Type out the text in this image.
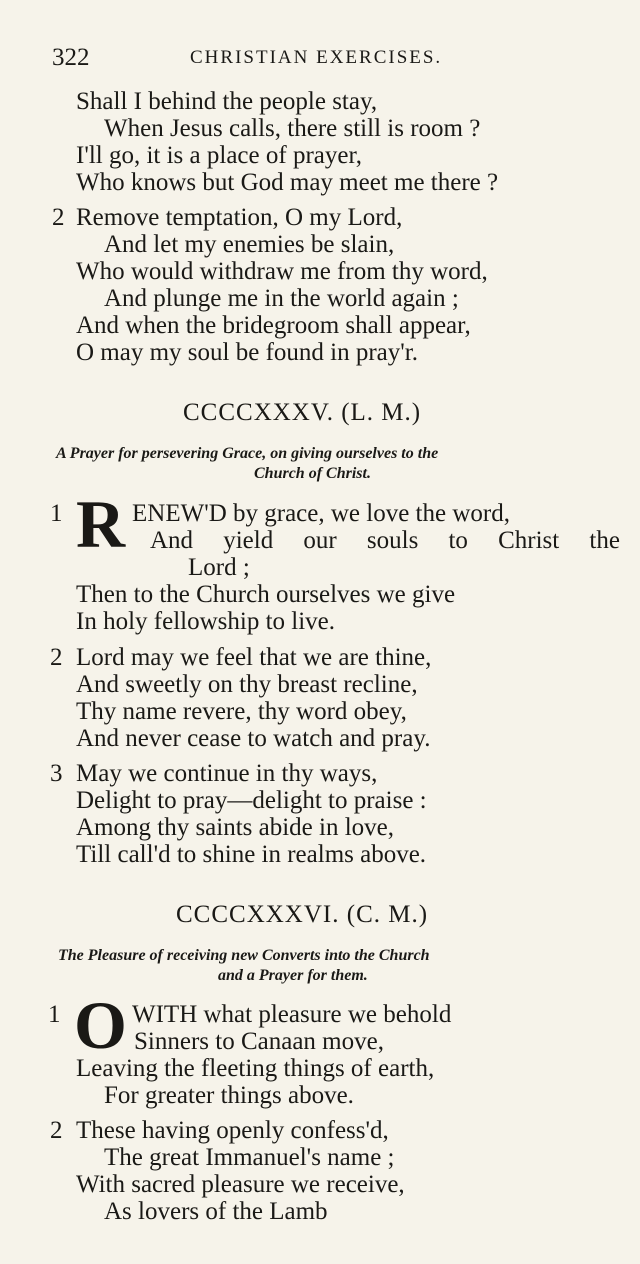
322	CHRISTIAN EXERCISES.
Shall I behind the people stay,
When Jesus calls, there still is room ?
I'll go, it is a place of prayer,
Who knows but God may meet me there ?
2 Remove temptation, O my Lord,
And let my enemies be slain,
Who would withdraw me from thy word,
And plunge me in the world again ;
And when the bridegroom shall appear,
O may my soul be found in pray'r.
CCCCXXXV. (L. M.)
A Prayer for persevering Grace, on giving ourselves to the
Church of Christ.
1 R ENEW'D by grace, we love the word,
And yield our souls to Christ the
Lord ;
Then to the Church ourselves we give
In holy fellowship to live.
2 Lord may we feel that we are thine,
And sweetly on thy breast recline,
Thy name revere, thy word obey,
And never cease to watch and pray.
3 May we continue in thy ways,
Delight to pray—delight to praise :
Among thy saints abide in love,
Till call'd to shine in realms above.
CCCCXXXVI. (C. M.)
The Pleasure of receiving new Converts into the Church
and a Prayer for them.
1 O WITH what pleasure we behold
Sinners to Canaan move,
Leaving the fleeting things of earth,
For greater things above.
2 These having openly confess'd,
The great Immanuel's name ;
With sacred pleasure we receive,
As lovers of the Lamb
